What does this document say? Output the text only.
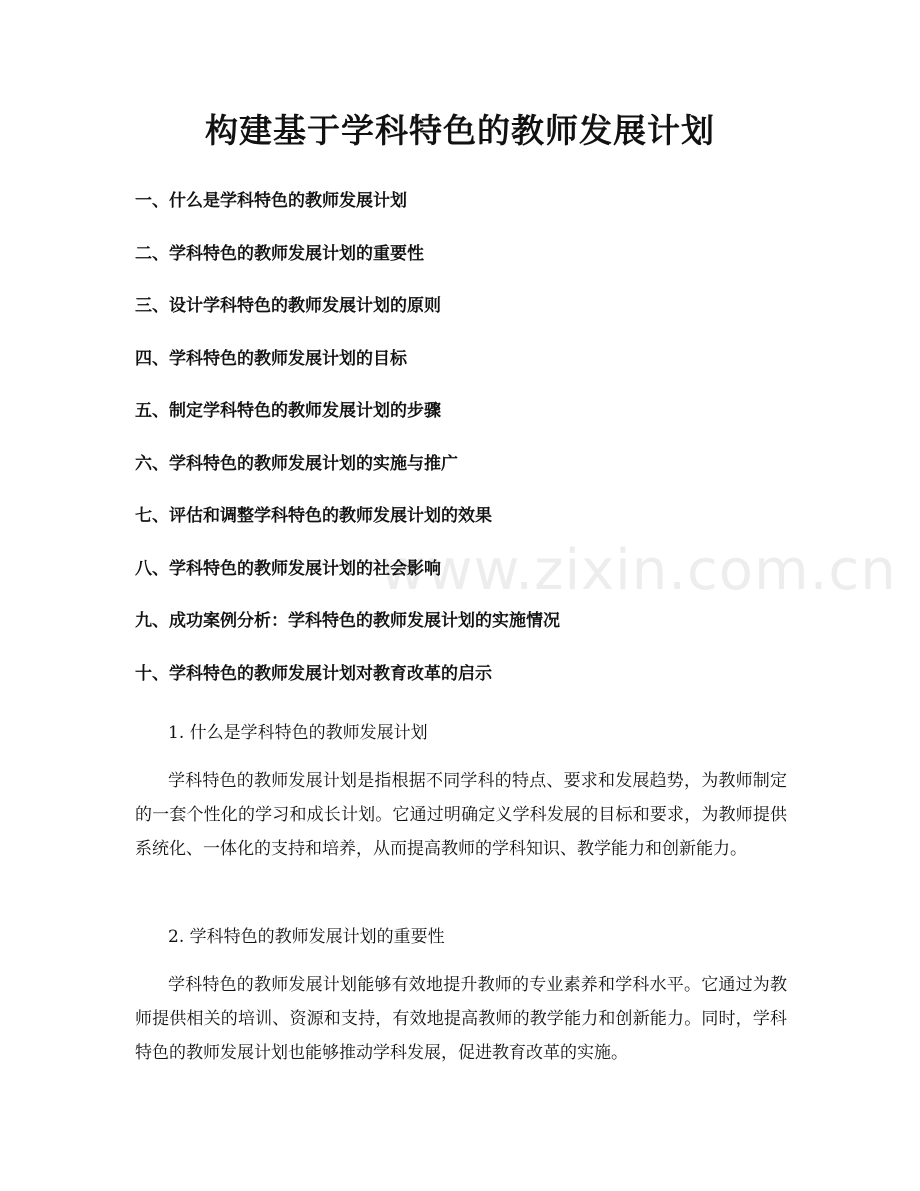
www.zixin.com.cn
构建基于学科特色的教师发展计划
一、什么是学科特色的教师发展计划
二、学科特色的教师发展计划的重要性
三、设计学科特色的教师发展计划的原则
四、学科特色的教师发展计划的目标
五、制定学科特色的教师发展计划的步骤
六、学科特色的教师发展计划的实施与推广
七、评估和调整学科特色的教师发展计划的效果
八、学科特色的教师发展计划的社会影响
九、成功案例分析：学科特色的教师发展计划的实施情况
十、学科特色的教师发展计划对教育改革的启示

1. 什么是学科特色的教师发展计划

学科特色的教师发展计划是指根据不同学科的特点、要求和发展趋势，为教师制定的一套个性化的学习和成长计划。它通过明确定义学科发展的目标和要求，为教师提供系统化、一体化的支持和培养，从而提高教师的学科知识、教学能力和创新能力。

2. 学科特色的教师发展计划的重要性

学科特色的教师发展计划能够有效地提升教师的专业素养和学科水平。它通过为教师提供相关的培训、资源和支持，有效地提高教师的教学能力和创新能力。同时，学科特色的教师发展计划也能够推动学科发展，促进教育改革的实施。
